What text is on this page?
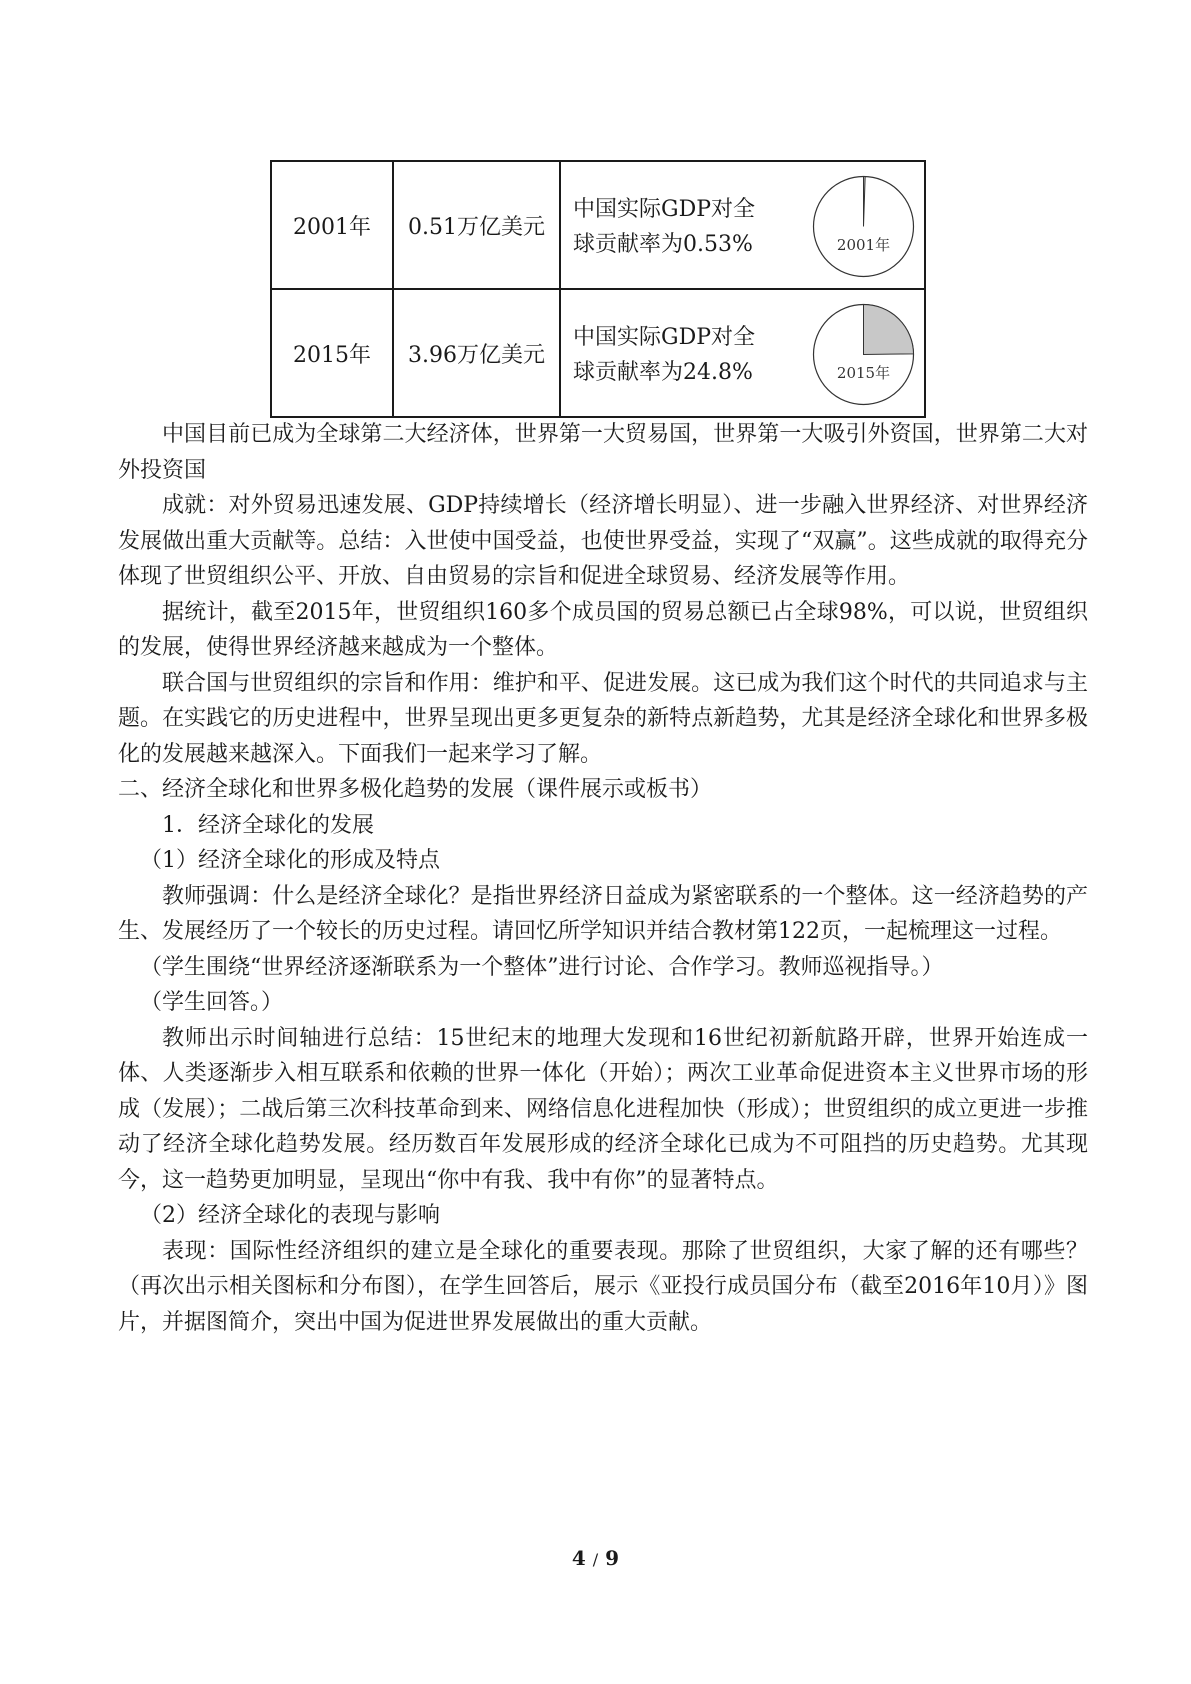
2001年	0.51万亿美元	中国实际GDP对全
球贡献率为0.53% 2001年

2015年	3.96万亿美元	中国实际GDP对全
球贡献率为24.8% 2015年

中国目前已成为全球第二大经济体，世界第一大贸易国，世界第一大吸引外资国，世界第二大对外投资国

成就：对外贸易迅速发展、GDP持续增长（经济增长明显）、进一步融入世界经济、对世界经济发展做出重大贡献等。总结：入世使中国受益，也使世界受益，实现了“双赢”。这些成就的取得充分体现了世贸组织公平、开放、自由贸易的宗旨和促进全球贸易、经济发展等作用。

据统计，截至2015年，世贸组织160多个成员国的贸易总额已占全球98%，可以说，世贸组织的发展，使得世界经济越来越成为一个整体。

联合国与世贸组织的宗旨和作用：维护和平、促进发展。这已成为我们这个时代的共同追求与主题。在实践它的历史进程中，世界呈现出更多更复杂的新特点新趋势，尤其是经济全球化和世界多极化的发展越来越深入。下面我们一起来学习了解。

二、经济全球化和世界多极化趋势的发展（课件展示或板书）

1．经济全球化的发展

（1）经济全球化的形成及特点

教师强调：什么是经济全球化？是指世界经济日益成为紧密联系的一个整体。这一经济趋势的产生、发展经历了一个较长的历史过程。请回忆所学知识并结合教材第122页，一起梳理这一过程。

（学生围绕“世界经济逐渐联系为一个整体”进行讨论、合作学习。教师巡视指导。）

（学生回答。）

教师出示时间轴进行总结：15世纪末的地理大发现和16世纪初新航路开辟，世界开始连成一体、人类逐渐步入相互联系和依赖的世界一体化（开始）；两次工业革命促进资本主义世界市场的形成（发展）；二战后第三次科技革命到来、网络信息化进程加快（形成）；世贸组织的成立更进一步推动了经济全球化趋势发展。经历数百年发展形成的经济全球化已成为不可阻挡的历史趋势。尤其现今，这一趋势更加明显，呈现出“你中有我、我中有你”的显著特点。

（2）经济全球化的表现与影响

表现：国际性经济组织的建立是全球化的重要表现。那除了世贸组织，大家了解的还有哪些？（再次出示相关图标和分布图），在学生回答后，展示《亚投行成员国分布（截至2016年10月）》图片，并据图简介，突出中国为促进世界发展做出的重大贡献。

4 / 9
